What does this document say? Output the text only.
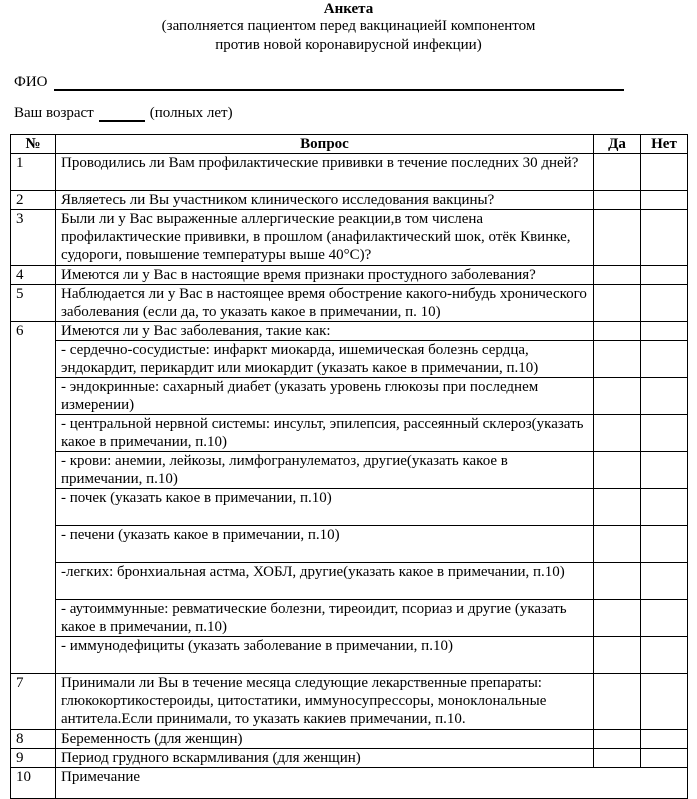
Анкета
(заполняется пациентом перед вакцинациейI компонентом
против новой коронавирусной инфекции)
ФИО
Ваш возраст	(полных лет)
№	Вопрос	Да	Нет
1	Проводились ли Вам профилактические прививки в течение последних 30 дней?		
2	Являетесь ли Вы участником клинического исследования вакцины?		
3	Были ли у Вас выраженные аллергические реакции,в том числена профилактические прививки, в прошлом (анафилактический шок, отёк Квинке, судороги, повышение температуры выше 40°С)?		
4	Имеются ли у Вас в настоящие время признаки простудного заболевания?		
5	Наблюдается ли у Вас в настоящее время обострение какого-нибудь хронического заболевания (если да, то указать какое в примечании, п. 10)		
6	Имеются ли у Вас заболевания, такие как:		
	- сердечно-сосудистые: инфаркт миокарда, ишемическая болезнь сердца, эндокардит, перикардит или миокардит (указать какое в примечании, п.10)		
	- эндокринные: сахарный диабет (указать уровень глюкозы при последнем измерении)		
	- центральной нервной системы: инсульт, эпилепсия, рассеянный склероз(указать какое в примечании, п.10)		
	- крови: анемии, лейкозы, лимфогранулематоз, другие(указать какое в примечании, п.10)		
	- почек (указать какое в примечании, п.10)		
	- печени (указать какое в примечании, п.10)		
	-легких: бронхиальная астма, ХОБЛ, другие(указать какое в примечании, п.10)		
	- аутоиммунные: ревматические болезни, тиреоидит, псориаз и другие (указать какое в примечании, п.10)		
	- иммунодефициты (указать заболевание в примечании, п.10)		
7	Принимали ли Вы в течение месяца следующие лекарственные препараты: глюкокортикостероиды, цитостатики, иммуносупрессоры, моноклональные антитела.Если принимали, то указать какиев примечании, п.10.		
8	Беременность (для женщин)		
9	Период грудного вскармливания (для женщин)		
10	Примечание		
